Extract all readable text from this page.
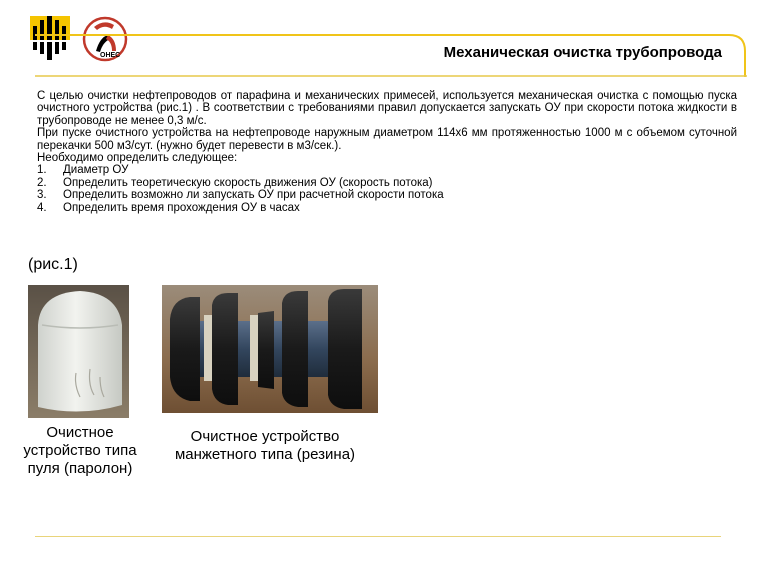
ОНЕС	Механическая очистка трубопровода

С целью очистки нефтепроводов от парафина и механических примесей, используется механическая очистка с помощью пуска очистного устройства (рис.1) . В соответствии с требованиями правил допускается запускать ОУ при скорости потока жидкости в трубопроводе не менее 0,3 м/с.

При пуске очистного устройства на нефтепроводе наружным диаметром 114х6 мм протяженностью 1000 м с объемом суточной перекачки 500 м3/сут. (нужно будет перевести в м3/сек.).

Необходимо определить следующее:

1.	Диаметр ОУ
2.	Определить теоретическую скорость движения ОУ (скорость потока)
3.	Определить возможно ли запускать ОУ при расчетной скорости потока
4.	Определить время прохождения ОУ в часах
(рис.1)
Очистное устройство типа пуля (паролон)
Очистное устройство манжетного типа (резина)
